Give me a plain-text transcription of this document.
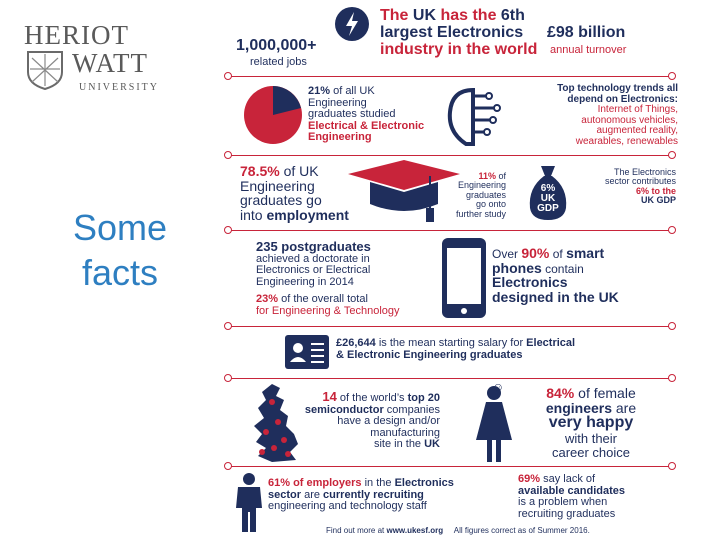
HERIOT
WATT
UNIVERSITY
Some
facts
1,000,000+
related jobs
The UK has the 6th
largest Electronics
industry in the world
£98 billion
annual turnover
21% of all UK
Engineering
graduates studied
Electrical & Electronic
Engineering
Top technology trends all
depend on Electronics:
Internet of Things,
autonomous vehicles,
augmented reality,
wearables, renewables
78.5% of UK
Engineering
graduates go
into employment
11% of
Engineering
graduates
go onto
further study
6%
UK
GDP
The Electronics
sector contributes
6% to the
UK GDP
235 postgraduates
achieved a doctorate in
Electronics or Electrical
Engineering in 2014
23% of the overall total
for Engineering & Technology
Over 90% of smart
phones contain
Electronics
designed in the UK
£26,644 is the mean starting salary for Electrical
& Electronic Engineering graduates
14 of the world’s top 20
semiconductor companies
have a design and/or
manufacturing
site in the UK
☺	84% of female
engineers are
very happy
with their
career choice
61% of employers in the Electronics
sector are currently recruiting
engineering and technology staff
69% say lack of
available candidates
is a problem when
recruiting graduates
Find out more at www.ukesf.org     All figures correct as of Summer 2016.
